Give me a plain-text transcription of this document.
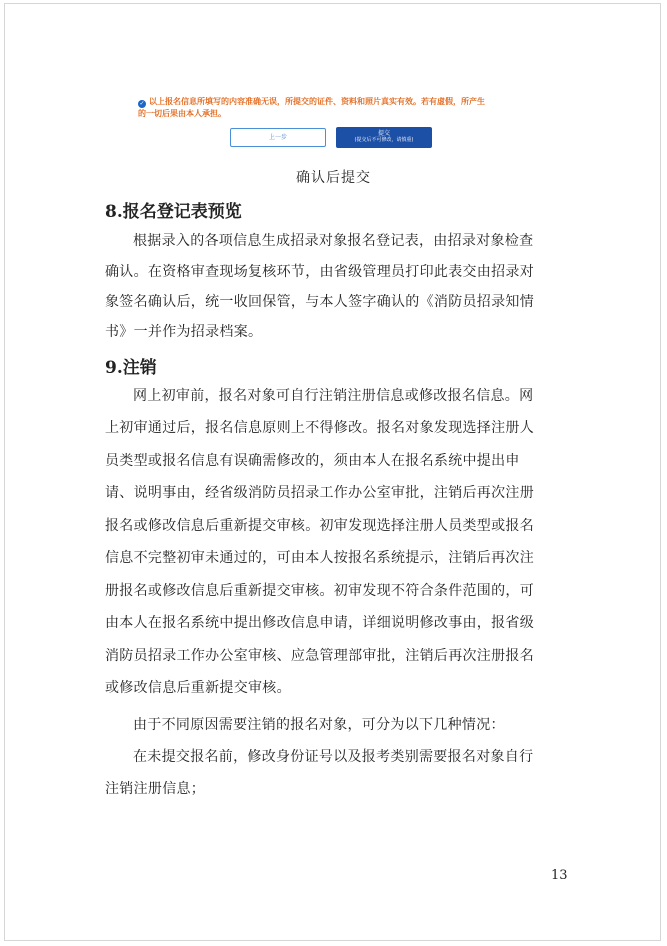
✓ 以上报名信息所填写的内容准确无误，所提交的证件、资料和照片真实有效。若有虚假，所产生
的一切后果由本人承担。
上一步
提交
(提交后不可修改，请慎重)
确认后提交
8.报名登记表预览
根据录入的各项信息生成招录对象报名登记表，由招录对象检查
确认。在资格审查现场复核环节，由省级管理员打印此表交由招录对
象签名确认后，统一收回保管，与本人签字确认的《消防员招录知情
书》一并作为招录档案。
9.注销
网上初审前，报名对象可自行注销注册信息或修改报名信息。网
上初审通过后，报名信息原则上不得修改。报名对象发现选择注册人
员类型或报名信息有误确需修改的，须由本人在报名系统中提出申
请、说明事由，经省级消防员招录工作办公室审批，注销后再次注册
报名或修改信息后重新提交审核。初审发现选择注册人员类型或报名
信息不完整初审未通过的，可由本人按报名系统提示，注销后再次注
册报名或修改信息后重新提交审核。初审发现不符合条件范围的，可
由本人在报名系统中提出修改信息申请，详细说明修改事由，报省级
消防员招录工作办公室审核、应急管理部审批，注销后再次注册报名
或修改信息后重新提交审核。
由于不同原因需要注销的报名对象，可分为以下几种情况：
在未提交报名前，修改身份证号以及报考类别需要报名对象自行
注销注册信息；
13
